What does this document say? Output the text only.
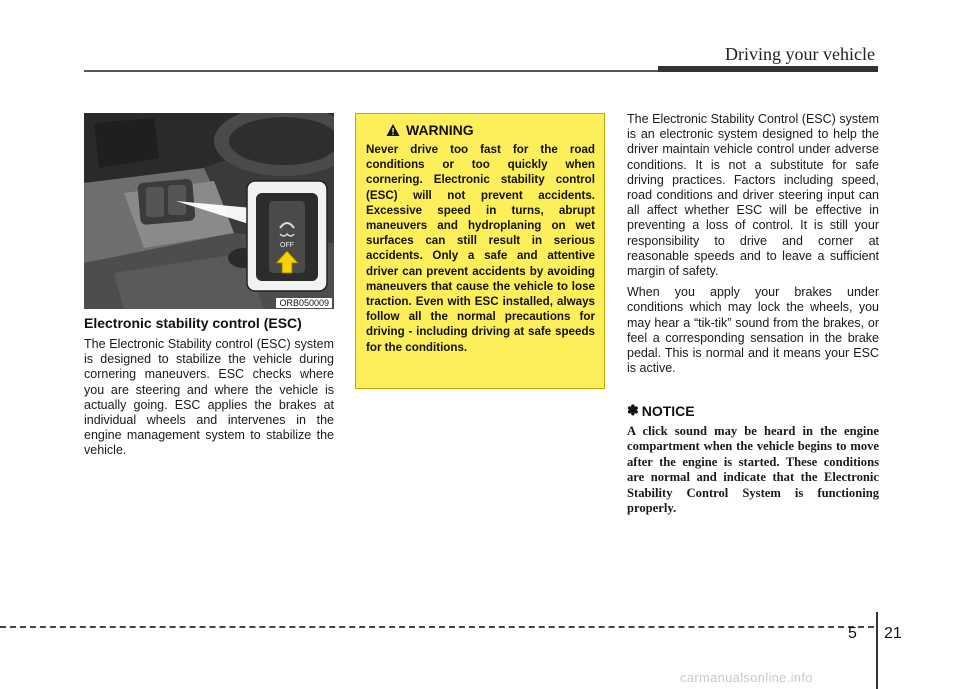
Driving your vehicle
OFF
ORB050009
Electronic stability control (ESC)

The Electronic Stability control (ESC) system is designed to stabilize the vehicle during cornering maneuvers. ESC checks where you are steering and where the vehicle is actually going. ESC applies the brakes at individual wheels and intervenes in the engine management system to stabilize the vehicle.

WARNING

Never drive too fast for the road conditions or too quickly when cornering. Electronic stability control (ESC) will not prevent accidents. Excessive speed in turns, abrupt maneuvers and hydroplaning on wet surfaces can still result in serious accidents. Only a safe and attentive driver can prevent accidents by avoiding maneuvers that cause the vehicle to lose traction. Even with ESC installed, always follow all the normal precautions for driving - including driving at safe speeds for the conditions.

The Electronic Stability Control (ESC) system is an electronic system designed to help the driver maintain vehicle control under adverse conditions. It is not a substitute for safe driving practices. Factors including speed, road conditions and driver steering input can all affect whether ESC will be effective in preventing a loss of control. It is still your responsibility to drive and corner at reasonable speeds and to leave a sufficient margin of safety.

When you apply your brakes under conditions which may lock the wheels, you may hear a “tik-tik” sound from the brakes, or feel a corresponding sensation in the brake pedal. This is normal and it means your ESC is active.

✽ NOTICE

A click sound may be heard in the engine compartment when the vehicle begins to move after the engine is started. These conditions are normal and indicate that the Electronic Stability Control System is functioning properly.

5 21
carmanualsonline.info
